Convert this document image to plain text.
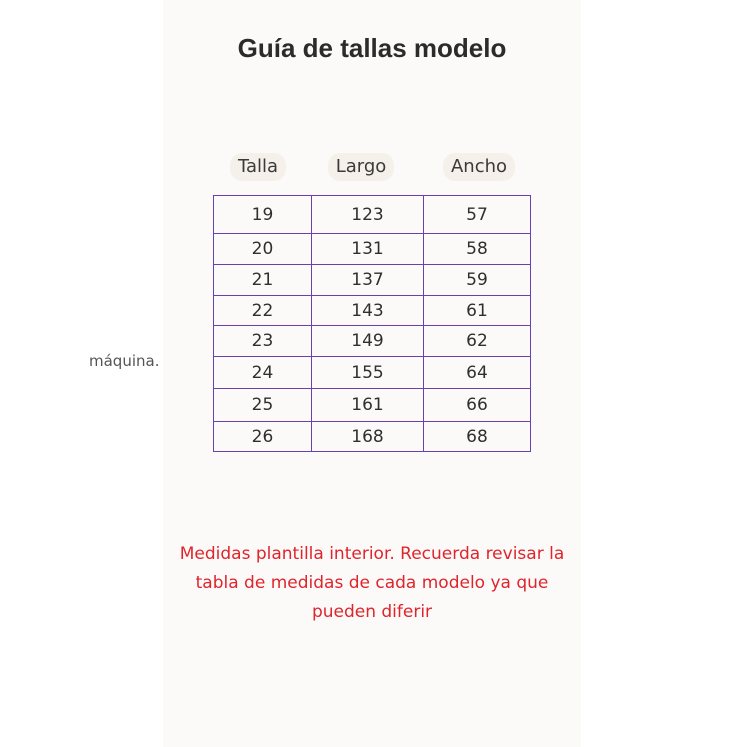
Guía de tallas modelo
Talla	Largo	Ancho
19	123	57
20	131	58
21	137	59
22	143	61
23	149	62
24	155	64
25	161	66
26	168	68
máquina.
Medidas plantilla interior. Recuerda revisar la
tabla de medidas de cada modelo ya que
pueden diferir
